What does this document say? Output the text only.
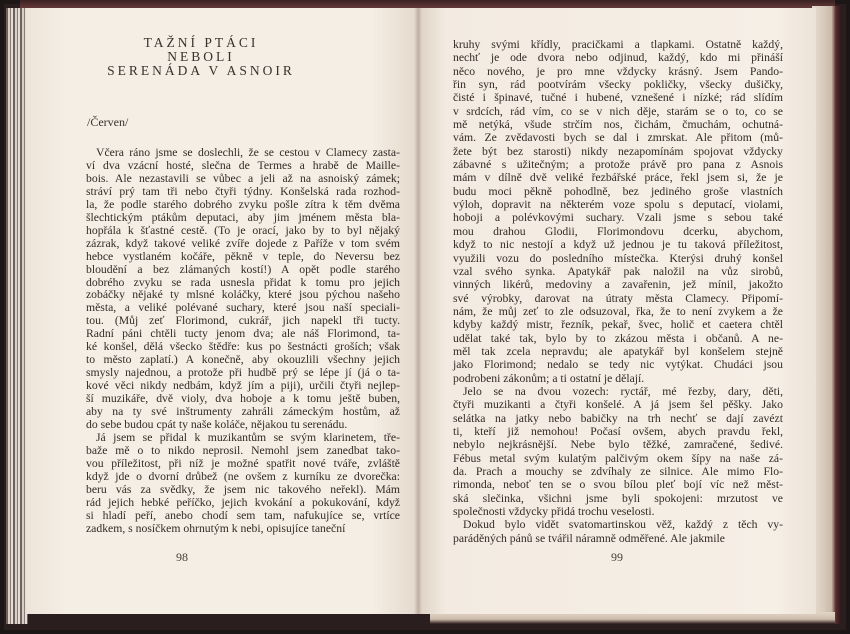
TAŽNÍ PTÁCI
NEBOLI
SERENÁDA V ASNOIR
/Červen/
Včera ráno jsme se doslechli, že se cestou v Clamecy zasta-
ví dva vzácní hosté, slečna de Termes a hrabě de Maille-
bois. Ale nezastavili se vůbec a jeli až na asnoiský zámek;
stráví prý tam tři nebo čtyři týdny. Konšelská rada rozhod-
la, že podle starého dobrého zvyku pošle zítra k těm dvěma
šlechtickým ptákům deputaci, aby jim jménem města bla-
hopřála k šťastné cestě. (To je orací, jako by to byl nějaký
zázrak, když takové veliké zvíře dojede z Paříže v tom svém
hebce vystlaném kočáře, pěkně v teple, do Neversu bez
bloudění a bez zlámaných kostí!) A opět podle starého
dobrého zvyku se rada usnesla přidat k tomu pro jejich
zobáčky nějaké ty mlsné koláčky, které jsou pýchou našeho
města, a veliké polévané suchary, které jsou naší speciali-
tou. (Můj zeť Florimond, cukrář, jich napekl tři tucty.
Radní páni chtěli tucty jenom dva; ale náš Florimond, ta-
ké konšel, dělá všecko štědře: kus po šestnácti groších; však
to město zaplatí.) A konečně, aby okouzlili všechny jejich
smysly najednou, a protože při hudbě prý se lépe jí (já o ta-
kové věci nikdy nedbám, když jím a piji), určili čtyři nejlep-
ší muzikáře, dvě violy, dva hoboje a k tomu ještě buben,
aby na ty své inštrumenty zahráli zámeckým hostům, až
do sebe budou cpát ty naše koláče, nějakou tu serenádu.
Já jsem se přidal k muzikantům se svým klarinetem, tře-
baže mě o to nikdo neprosil. Nemohl jsem zanedbat tako-
vou příležitost, při níž je možné spatřit nové tváře, zvláště
když jde o dvorní drůbež (ne ovšem z kurníku ze dvorečka:
beru vás za svědky, že jsem nic takového neřekl). Mám
rád jejich hebké peříčko, jejich kvokání a pokukování, když
si hladí peří, anebo chodí sem tam, nafukujíce se, vrtíce
zadkem, s nosíčkem ohrnutým k nebi, opisujíce taneční
kruhy svými křídly, pracičkami a tlapkami. Ostatně každý,
nechť je ode dvora nebo odjinud, každý, kdo mi přináší
něco nového, je pro mne vždycky krásný. Jsem Pando-
řin syn, rád pootvírám všecky pokličky, všecky dušičky,
čisté i špinavé, tučné i hubené, vznešené i nízké; rád slídím
v srdcích, rád vím, co se v nich děje, starám se o to, co se
mě netýká, všude strčím nos, čichám, čmuchám, ochutná-
vám. Ze zvědavosti bych se dal i zmrskat. Ale přitom (mů-
žete být bez starosti) nikdy nezapomínám spojovat vždycky
zábavné s užitečným; a protože právě pro pana z Asnois
mám v dílně dvě veliké řezbářské práce, řekl jsem si, že je
budu moci pěkně pohodlně, bez jediného groše vlastních
výloh, dopravit na některém voze spolu s deputací, violami,
hoboji a polévkovými suchary. Vzali jsme s sebou také
mou drahou Glodii, Florimondovu dcerku, abychom,
když to nic nestojí a když už jednou je tu taková příležitost,
využili vozu do posledního místečka. Kterýsi druhý konšel
vzal svého synka. Apatykář pak naložil na vůz sirobů,
vinných likérů, medoviny a zavařenin, jež mínil, jakožto
své výrobky, darovat na útraty města Clamecy. Připomí-
nám, že můj zeť to zle odsuzoval, řka, že to není zvykem a že
kdyby každý mistr, řezník, pekař, švec, holič et caetera chtěl
udělat také tak, bylo by to zkázou města i občanů. A ne-
měl tak zcela nepravdu; ale apatykář byl konšelem stejně
jako Florimond; nedalo se tedy nic vytýkat. Chudáci jsou
podrobeni zákonům; a ti ostatní je dělají.
Jelo se na dvou vozech: ryctář, mé řezby, dary, děti,
čtyři muzikanti a čtyři konšelé. A já jsem šel pěšky. Jako
selátka na jatky nebo babičky na trh nechť se dají zavézt
ti, kteří již nemohou! Počasí ovšem, abych pravdu řekl,
nebylo nejkrásnější. Nebe bylo těžké, zamračené, šedivé.
Fébus metal svým kulatým palčivým okem šípy na naše zá-
da. Prach a mouchy se zdvíhaly ze silnice. Ale mimo Flo-
rimonda, neboť ten se o svou bílou pleť bojí víc než měst-
ská slečinka, všichni jsme byli spokojeni: mrzutost ve
společnosti vždycky přidá trochu veselosti.
Dokud bylo vidět svatomartinskou věž, každý z těch vy-
paráděných pánů se tvářil náramně odměřené. Ale jakmile
98	99
